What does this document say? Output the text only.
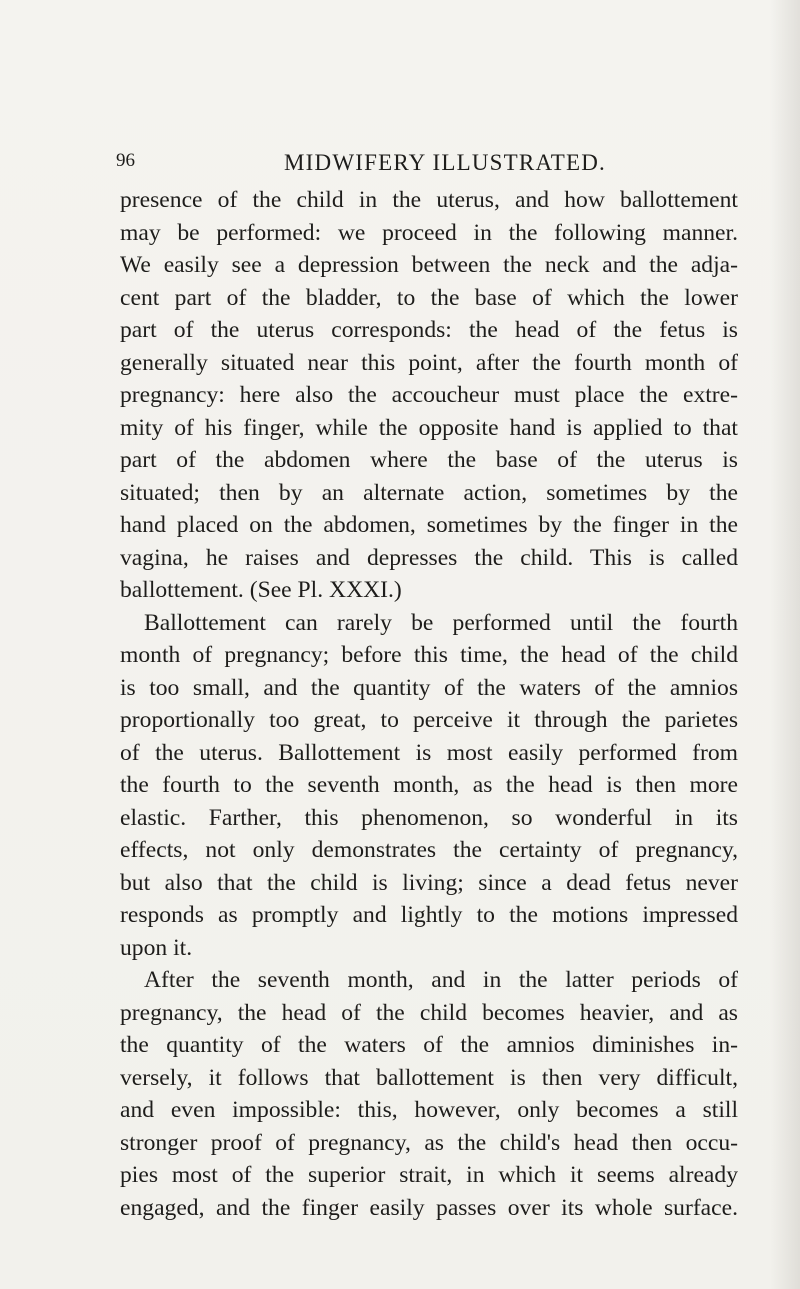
96	MIDWIFERY ILLUSTRATED.
presence of the child in the uterus, and how ballottement
may be performed: we proceed in the following manner.
We easily see a depression between the neck and the adja-
cent part of the bladder, to the base of which the lower
part of the uterus corresponds: the head of the fetus is
generally situated near this point, after the fourth month of
pregnancy: here also the accoucheur must place the extre-
mity of his finger, while the opposite hand is applied to that
part of the abdomen where the base of the uterus is
situated; then by an alternate action, sometimes by the
hand placed on the abdomen, sometimes by the finger in the
vagina, he raises and depresses the child. This is called
ballottement. (See Pl. XXXI.)
Ballottement can rarely be performed until the fourth
month of pregnancy; before this time, the head of the child
is too small, and the quantity of the waters of the amnios
proportionally too great, to perceive it through the parietes
of the uterus. Ballottement is most easily performed from
the fourth to the seventh month, as the head is then more
elastic. Farther, this phenomenon, so wonderful in its
effects, not only demonstrates the certainty of pregnancy,
but also that the child is living; since a dead fetus never
responds as promptly and lightly to the motions impressed
upon it.
After the seventh month, and in the latter periods of
pregnancy, the head of the child becomes heavier, and as
the quantity of the waters of the amnios diminishes in-
versely, it follows that ballottement is then very difficult,
and even impossible: this, however, only becomes a still
stronger proof of pregnancy, as the child's head then occu-
pies most of the superior strait, in which it seems already
engaged, and the finger easily passes over its whole surface.
